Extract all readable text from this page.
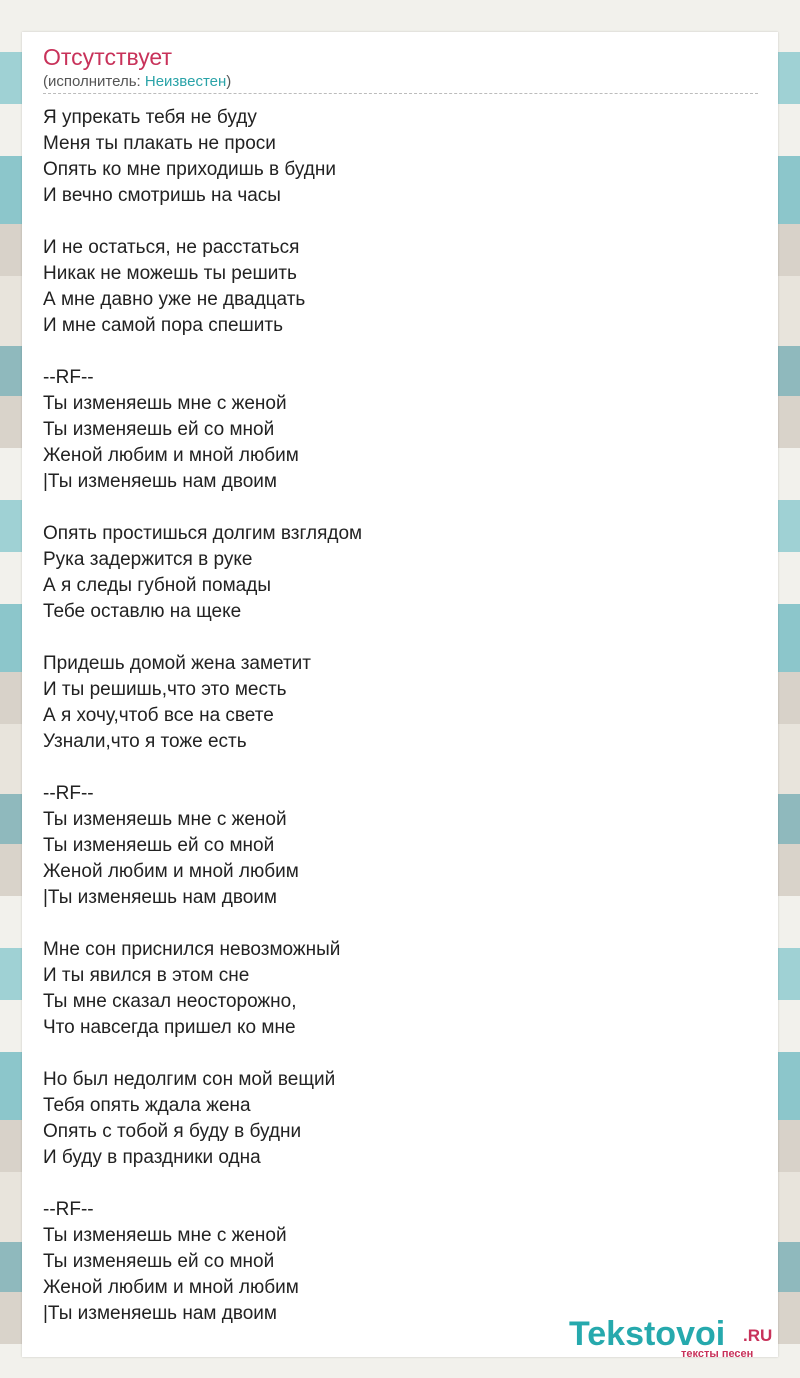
Отсутствует
(исполнитель: Неизвестен)
Я упрекать тебя не буду
Меня ты плакать не проси
Опять ко мне приходишь в будни
И вечно смотришь на часы
И не остаться, не расстаться
Никак не можешь ты решить
А мне давно уже не двадцать
И мне самой пора спешить
--RF--
Ты изменяешь мне с женой
Ты изменяешь ей со мной
Женой любим и мной любим
|Ты изменяешь нам двоим
Опять простишься долгим взглядом
Рука задержится в руке
А я следы губной помады
Тебе оставлю на щеке
Придешь домой жена заметит
И ты решишь,что это месть
А я хочу,чтоб все на свете
Узнали,что я тоже есть
--RF--
Ты изменяешь мне с женой
Ты изменяешь ей со мной
Женой любим и мной любим
|Ты изменяешь нам двоим
Мне сон приснился невозможный
И ты явился в этом сне
Ты мне сказал неосторожно,
Что навсегда пришел ко мне
Но был недолгим сон мой вещий
Тебя опять ждала жена
Опять с тобой я буду в будни
И буду в праздники одна
--RF--
Ты изменяешь мне с женой
Ты изменяешь ей со мной
Женой любим и мной любим
|Ты изменяешь нам двоим
Tekstovoi .RU
тексты песен
